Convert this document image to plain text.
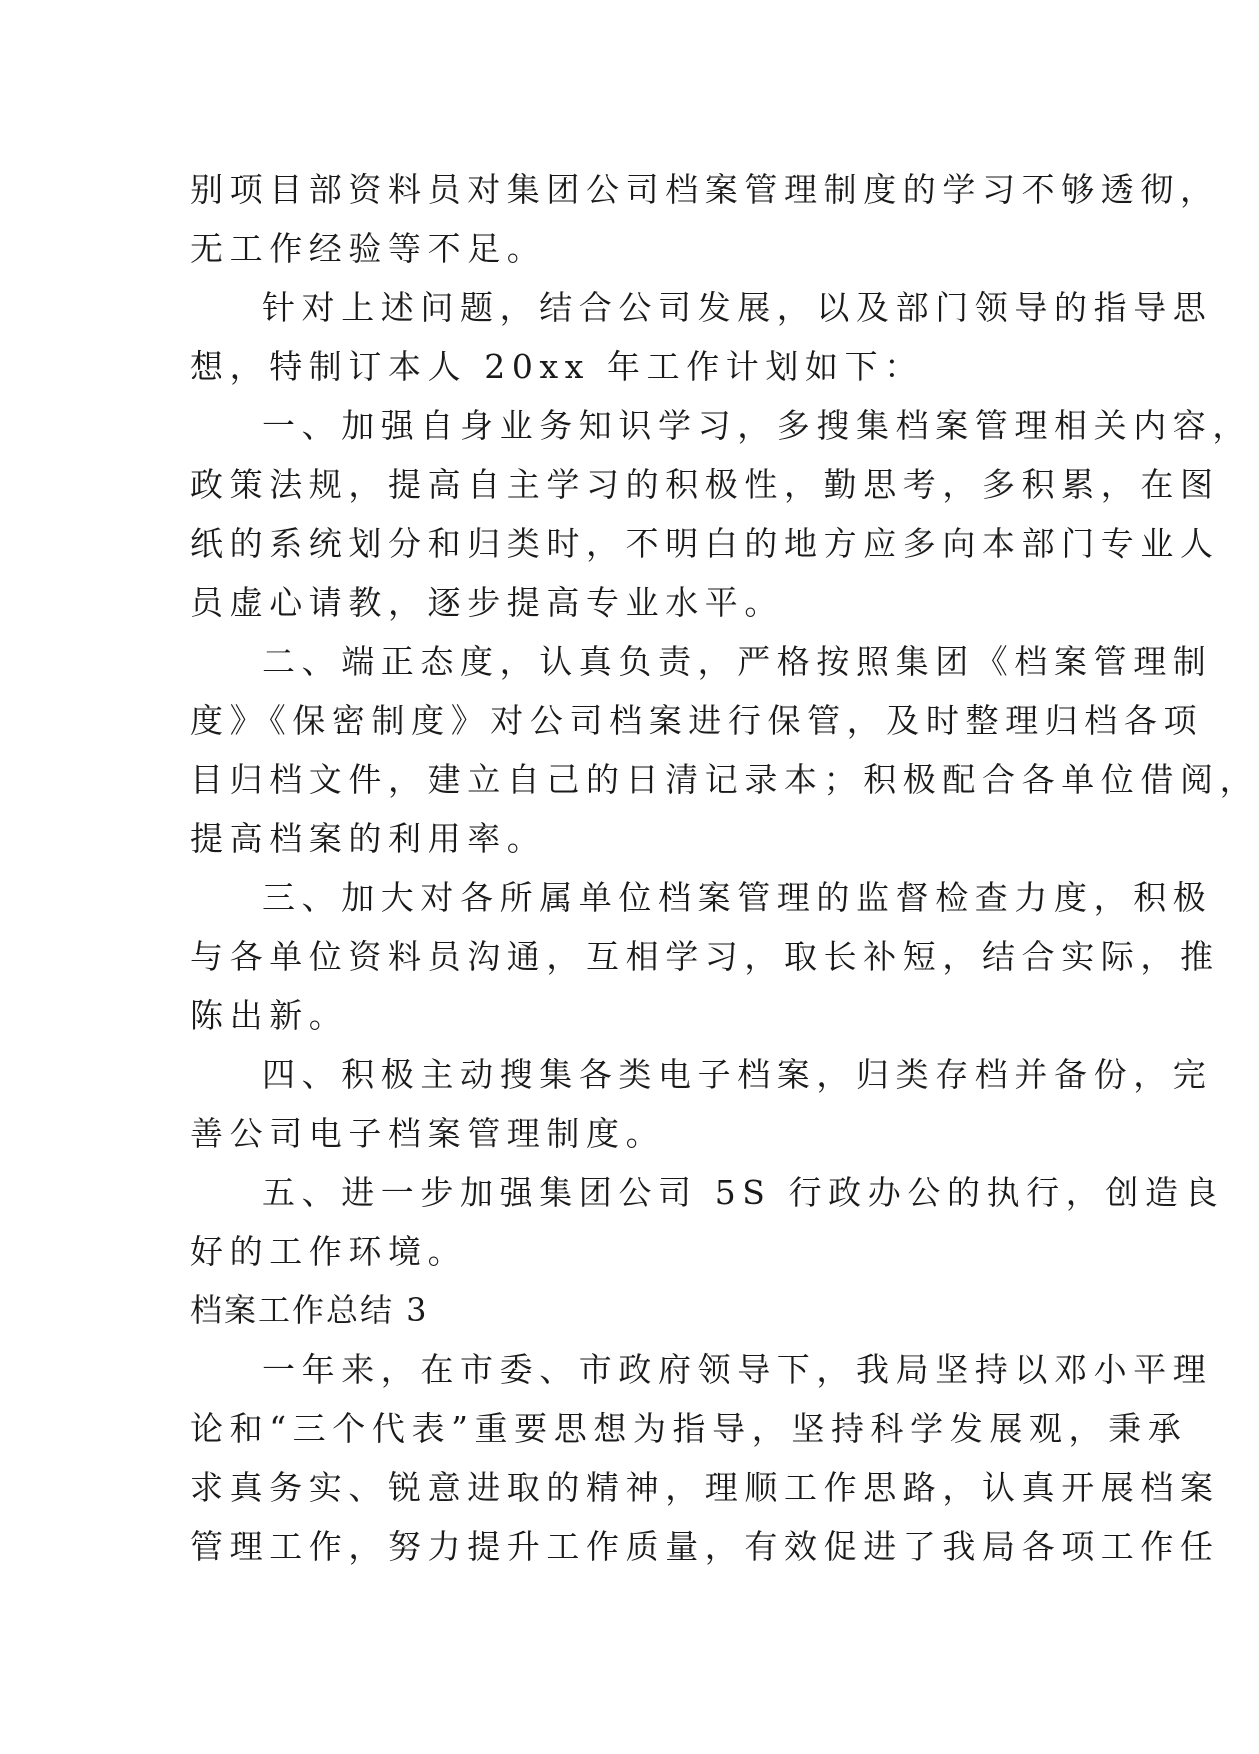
别项目部资料员对集团公司档案管理制度的学习不够透彻，
无工作经验等不足。
针对上述问题，结合公司发展，以及部门领导的指导思
想，特制订本人 20xx 年工作计划如下：
一、加强自身业务知识学习，多搜集档案管理相关内容，
政策法规，提高自主学习的积极性，勤思考，多积累，在图
纸的系统划分和归类时，不明白的地方应多向本部门专业人
员虚心请教，逐步提高专业水平。
二、端正态度，认真负责，严格按照集团《档案管理制
度》《保密制度》对公司档案进行保管，及时整理归档各项
目归档文件，建立自己的日清记录本；积极配合各单位借阅，
提高档案的利用率。
三、加大对各所属单位档案管理的监督检查力度，积极
与各单位资料员沟通，互相学习，取长补短，结合实际，推
陈出新。
四、积极主动搜集各类电子档案，归类存档并备份，完
善公司电子档案管理制度。
五、进一步加强集团公司 5S 行政办公的执行，创造良
好的工作环境。
档案工作总结 3
一年来，在市委、市政府领导下，我局坚持以邓小平理
论和“三个代表”重要思想为指导，坚持科学发展观，秉承
求真务实、锐意进取的精神，理顺工作思路，认真开展档案
管理工作，努力提升工作质量，有效促进了我局各项工作任
